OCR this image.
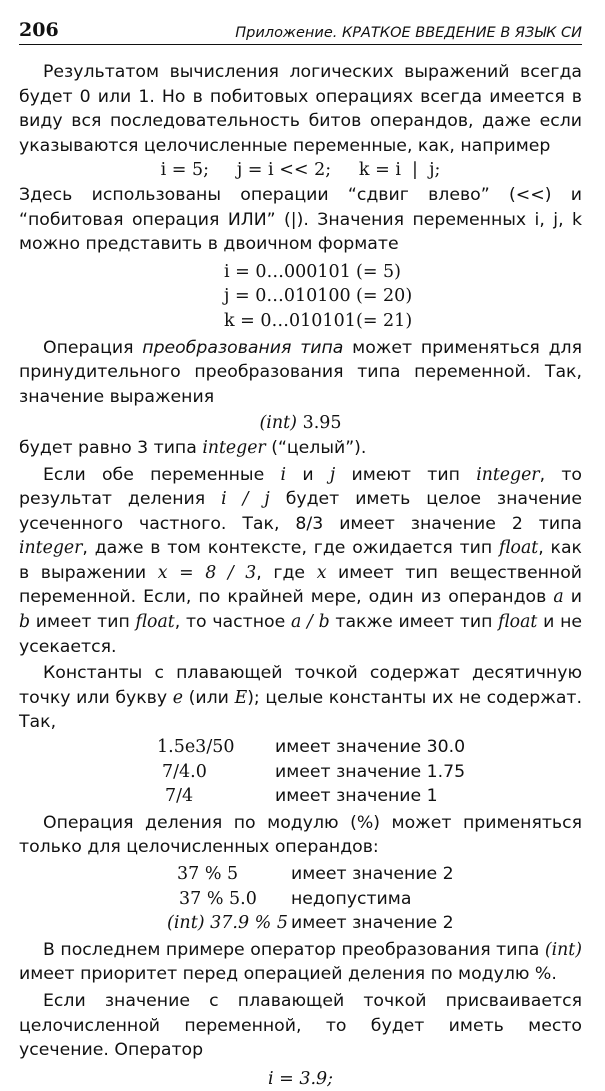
206	Приложение. КРАТКОЕ ВВЕДЕНИЕ В ЯЗЫК СИ

Результатом вычисления логических выражений всегда будет 0 или 1. Но в побитовых операциях всегда имеется в виду вся последовательность битов операндов, даже если указываются целочисленные переменные, как, например

i = 5;     j = i << 2;     k = i  |  j;

Здесь использованы операции “сдвиг влево” (<<) и “побитовая операция ИЛИ” (|). Значения переменных i, j, k можно представить в двоичном формате

i = 0…000101 (= 5)
j = 0…010100 (= 20)
k = 0…010101 (= 21)

Операция преобразования типа может применяться для принудительного преобразования типа переменной. Так, значение выражения

(int) 3.95

будет равно 3 типа integer (“целый”).

Если обе переменные i и j имеют тип integer, то результат деления i / j будет иметь целое значение усеченного частного. Так, 8/3 имеет значение 2 типа integer, даже в том контексте, где ожидается тип float, как в выражении x = 8 / 3, где x имеет тип вещественной переменной. Если, по крайней мере, один из операндов a и b имеет тип float, то частное a / b также имеет тип float и не усекается.

Константы с плавающей точкой содержат десятичную точку или букву e (или E); целые константы их не содержат. Так,

1.5e3/50	имеет значение 30.0
7/4.0	имеет значение 1.75
7/4	имеет значение 1

Операция деления по модулю (%) может применяться только для целочисленных операндов:

37 % 5	имеет значение 2
37 % 5.0	недопустима
(int) 37.9 % 5 имеет значение 2

В последнем примере оператор преобразования типа (int) имеет приоритет перед операцией деления по модулю %.

Если значение с плавающей точкой присваивается целочисленной переменной, то будет иметь место усечение. Оператор

i = 3.9;
